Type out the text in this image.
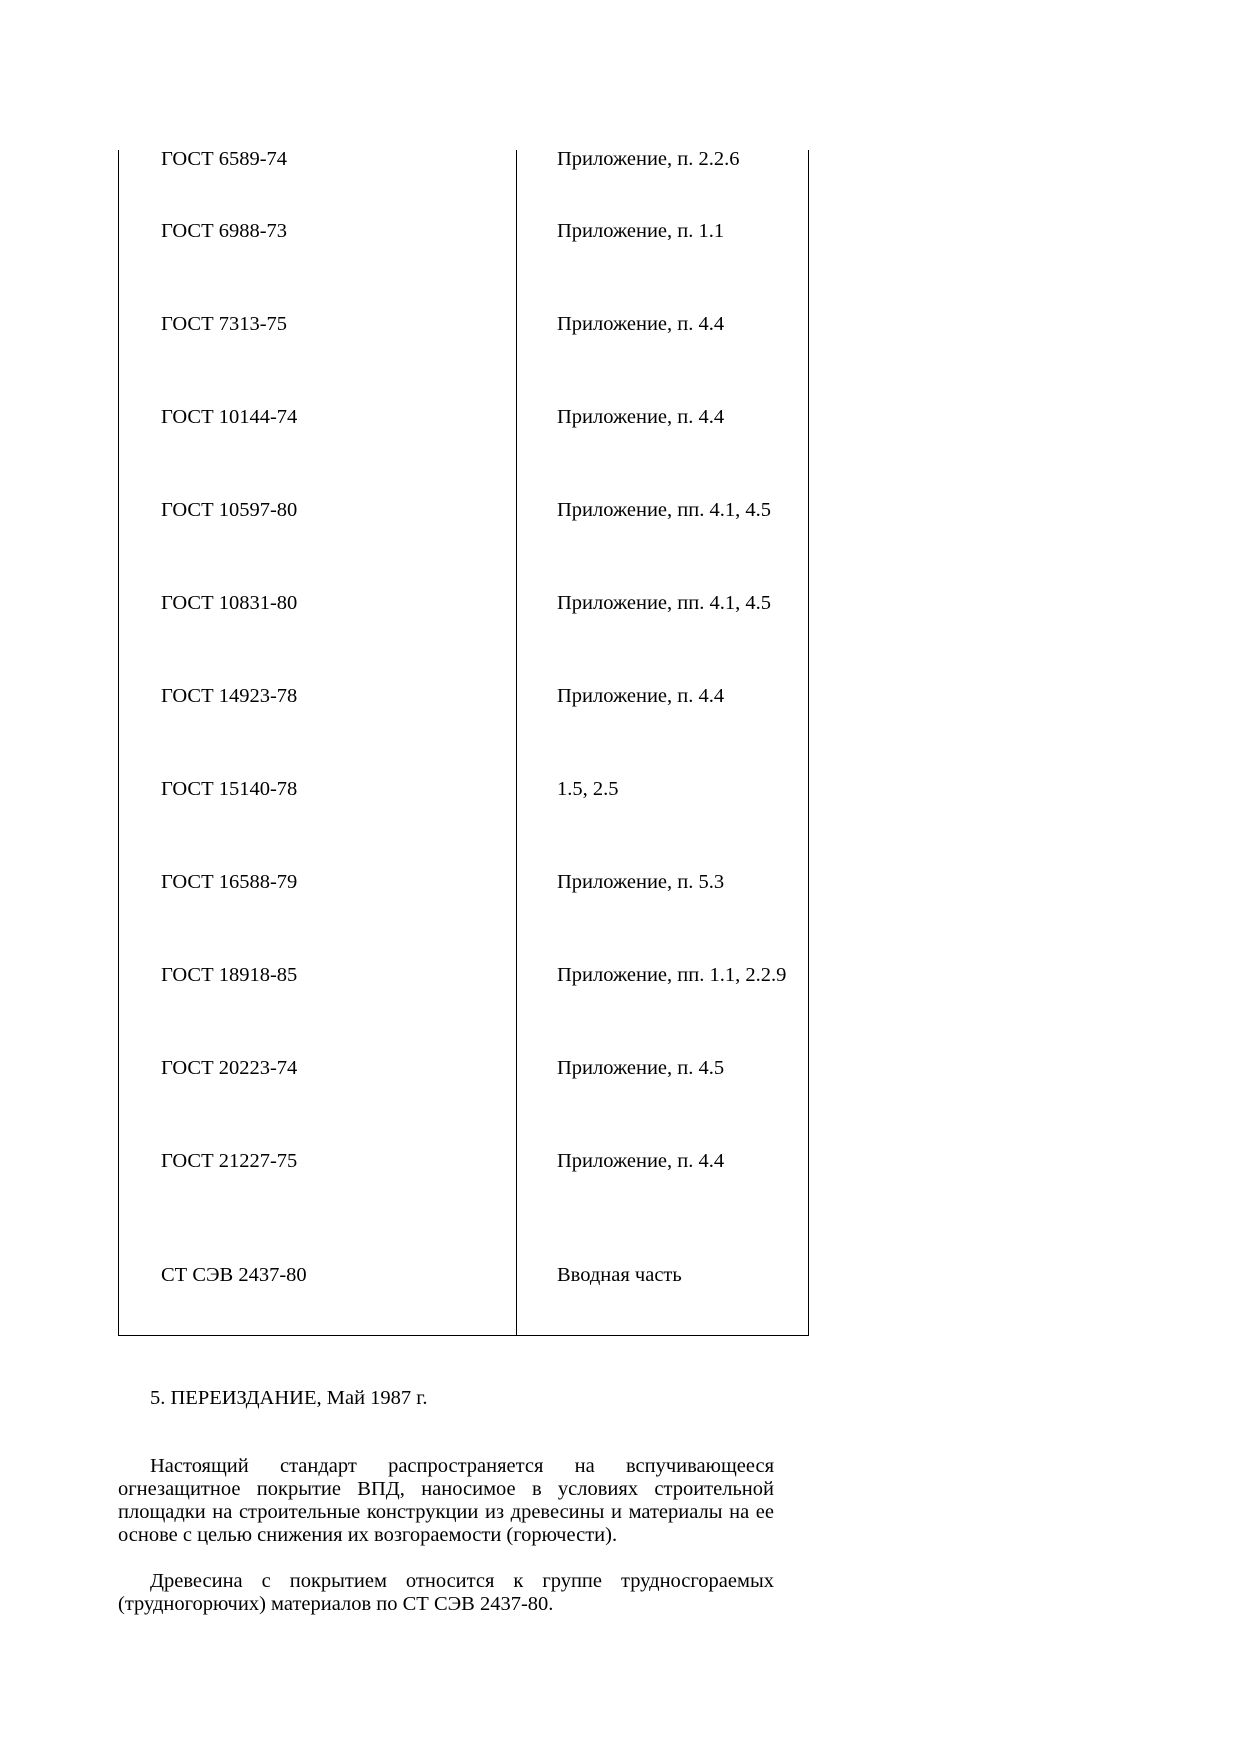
ГОСТ 6589-74	Приложение, п. 2.2.6
ГОСТ 6988-73	Приложение, п. 1.1
ГОСТ 7313-75	Приложение, п. 4.4
ГОСТ 10144-74	Приложение, п. 4.4
ГОСТ 10597-80	Приложение, пп. 4.1, 4.5
ГОСТ 10831-80	Приложение, пп. 4.1, 4.5
ГОСТ 14923-78	Приложение, п. 4.4
ГОСТ 15140-78	1.5, 2.5
ГОСТ 16588-79	Приложение, п. 5.3
ГОСТ 18918-85	Приложение, пп. 1.1, 2.2.9
ГОСТ 20223-74	Приложение, п. 4.5
ГОСТ 21227-75	Приложение, п. 4.4
СТ СЭВ 2437-80	Вводная часть
5. ПЕРЕИЗДАНИЕ, Май 1987 г.

Настоящий стандарт распространяется на вспучивающееся огнезащитное покрытие ВПД, наносимое в условиях строительной площадки на строительные конструкции из древесины и материалы на ее основе с целью снижения их возгораемости (горючести).

Древесина с покрытием относится к группе трудносгораемых (трудногорючих) материалов по СТ СЭВ 2437-80.
